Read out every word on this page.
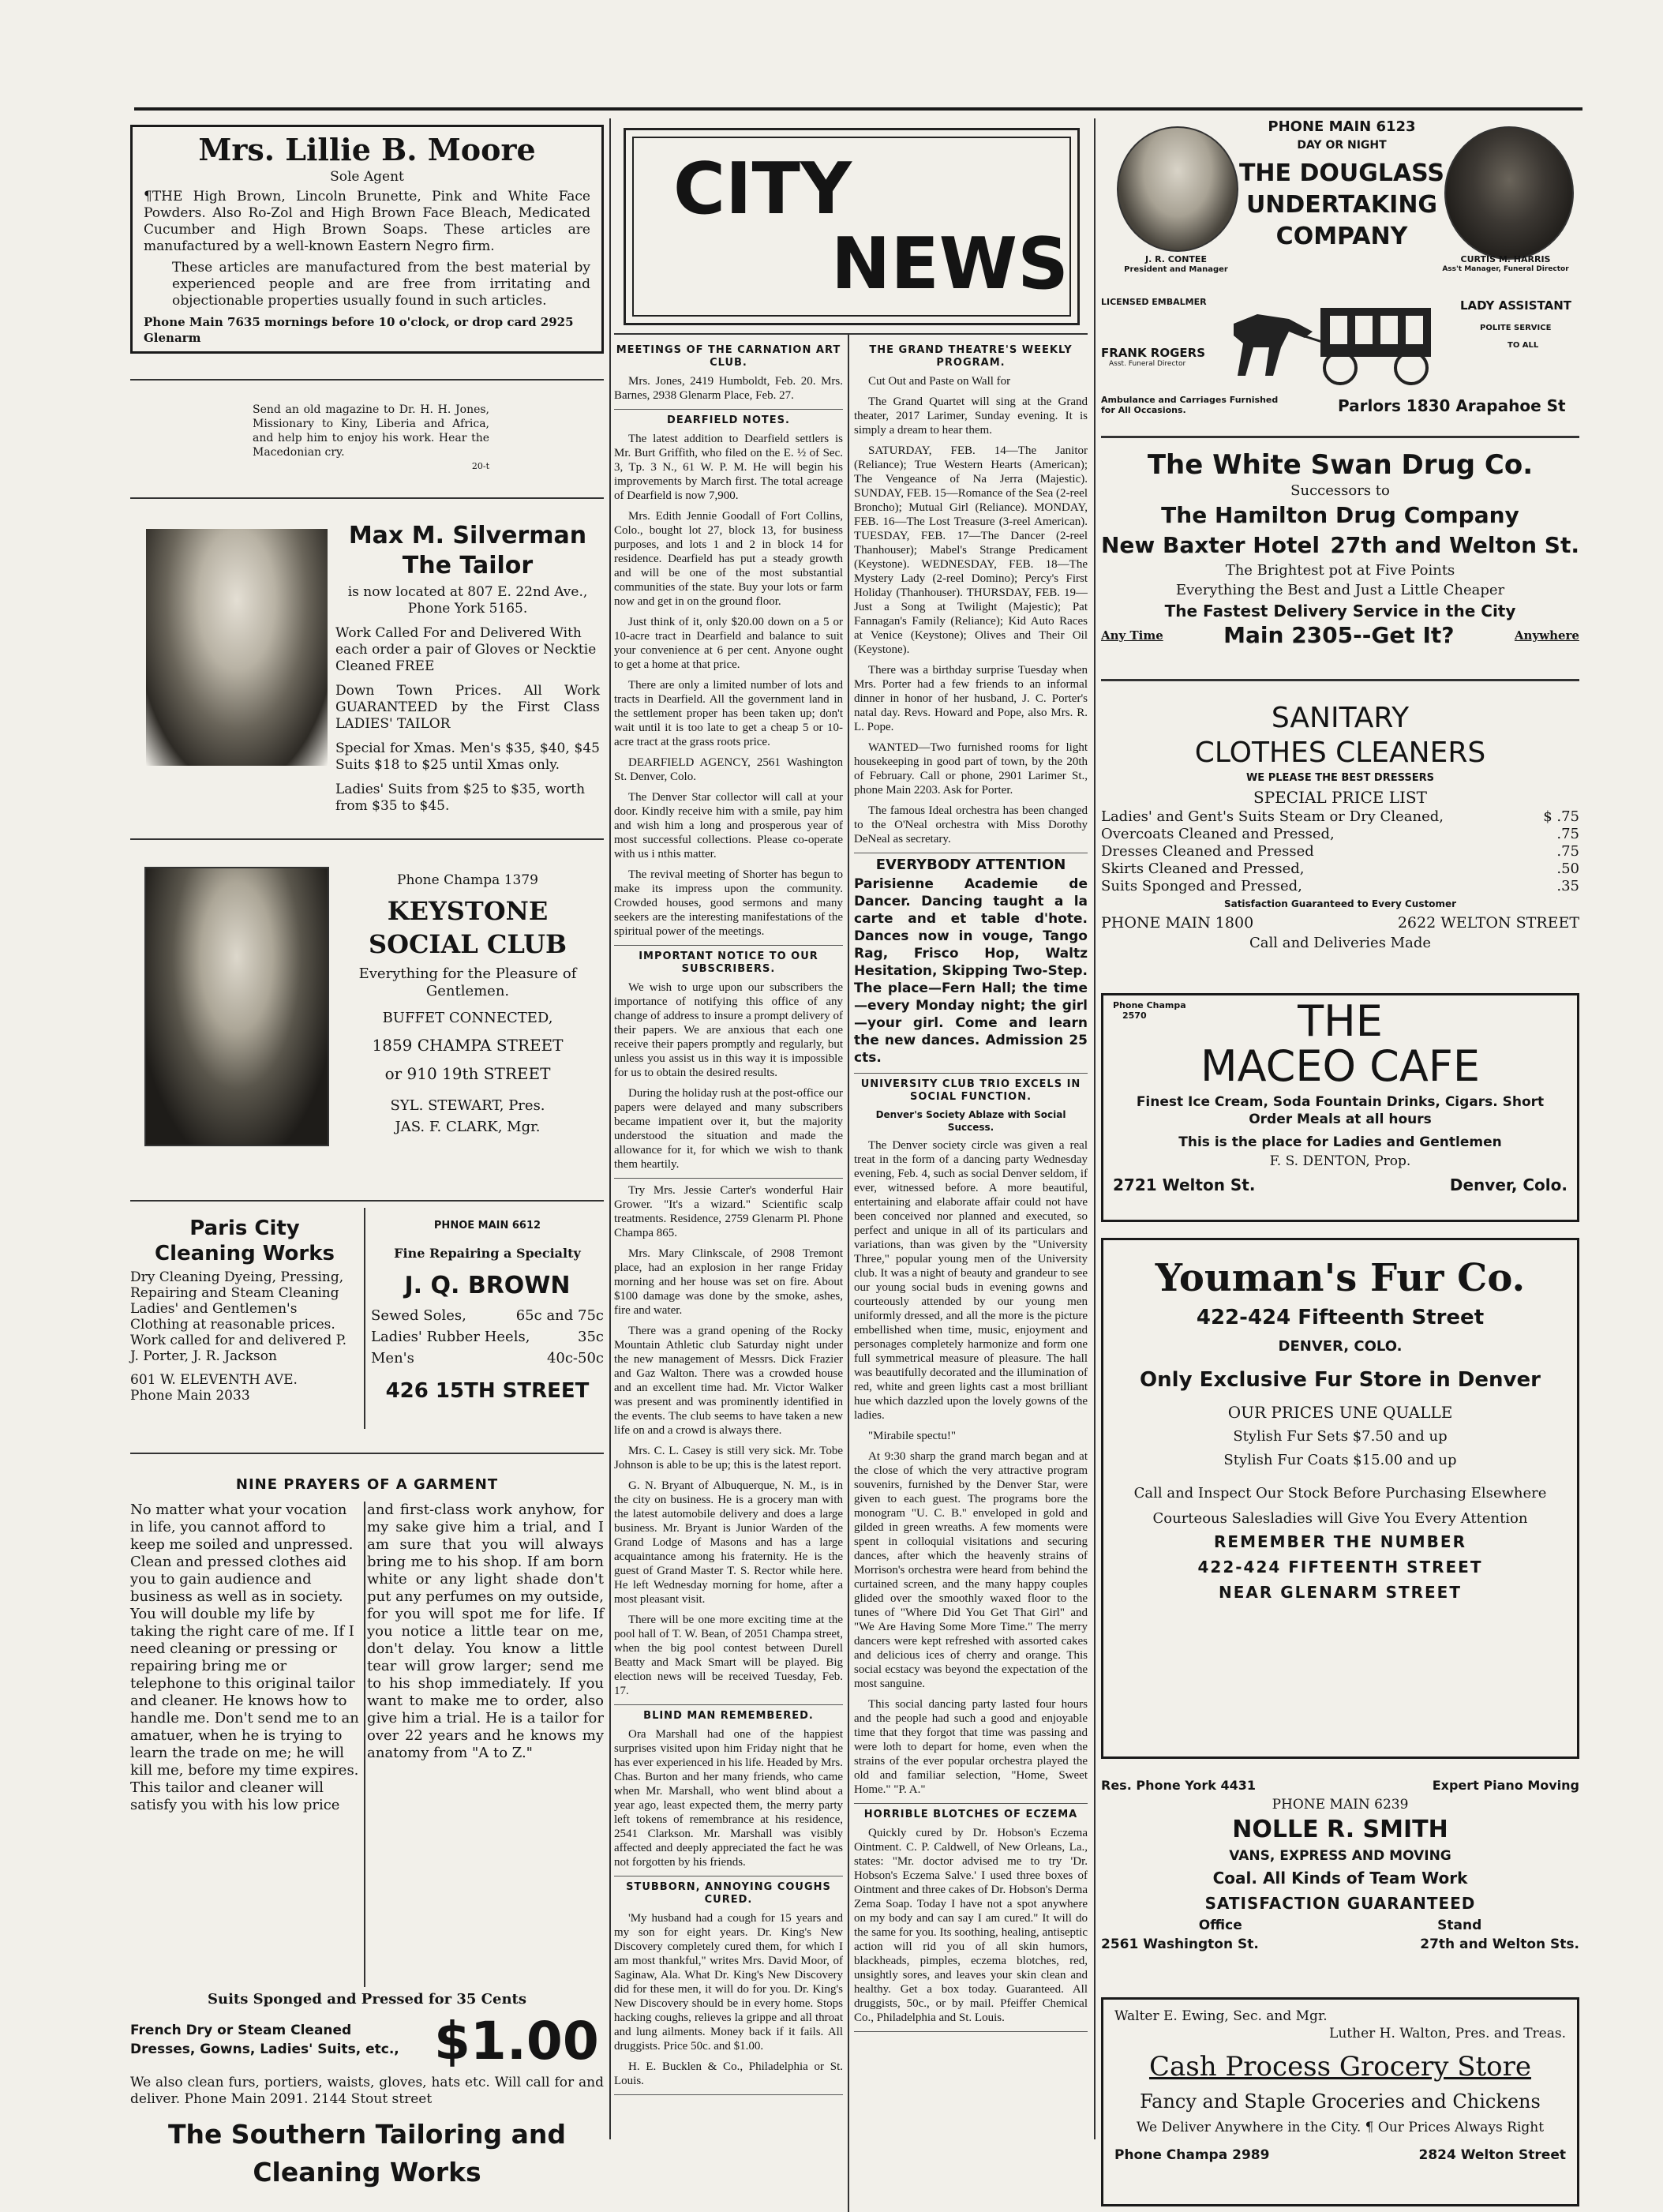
Mrs. Lillie B. Moore
Sole Agent

¶THE High Brown, Lincoln Brunette, Pink and White Face Powders. Also Ro-Zol and High Brown Face Bleach, Medicated Cucumber and High Brown Soaps. These articles are manufactured by a well-known Eastern Negro firm.

These articles are manufactured from the best material by experienced people and are free from irritating and objectionable properties usually found in such articles.

Phone Main 7635 mornings before 10 o'clock, or drop card 2925 Glenarm

Send an old magazine to Dr. H. H. Jones, Missionary to Kiny, Liberia and Africa, and help him to enjoy his work. Hear the Macedonian cry.
20-t
Max M. Silverman
The Tailor

is now located at 807 E. 22nd Ave., Phone York 5165.

Work Called For and Delivered With each order a pair of Gloves or Necktie Cleaned FREE

Down Town Prices. All Work GUARANTEED by the First Class LADIES' TAILOR

Special for Xmas. Men's $35, $40, $45 Suits $18 to $25 until Xmas only.

Ladies' Suits from $25 to $35, worth from $35 to $45.

Phone Champa 1379
KEYSTONE
SOCIAL CLUB

Everything for the Pleasure of Gentlemen.

BUFFET CONNECTED,
1859 CHAMPA STREET
or 910 19th STREET
SYL. STEWART, Pres.
JAS. F. CLARK, Mgr.
Paris City
Cleaning Works

Dry Cleaning Dyeing, Pressing, Repairing and Steam Cleaning Ladies' and Gentlemen's Clothing at reasonable prices.

Work called for and delivered P. J. Porter, J. R. Jackson

601 W. ELEVENTH AVE.
Phone Main 2033
PHNOE MAIN 6612
Fine Repairing a Specialty
J. Q. BROWN
Sewed Soles,	65c and 75c
Ladies' Rubber Heels,	35c
Men's	40c-50c
426 15TH STREET
NINE PRAYERS OF A GARMENT
No matter what your vocation in life, you cannot afford to keep me soiled and unpressed. Clean and pressed clothes aid you to gain audience and business as well as in society. You will double my life by taking the right care of me. If I need cleaning or pressing or repairing bring me or telephone to this original tailor and cleaner. He knows how to handle me. Don't send me to an amatuer, when he is trying to learn the trade on me; he will kill me, before my time expires. This tailor and cleaner will satisfy you with his low price
and first-class work anyhow, for my sake give him a trial, and I am sure that you will always bring me to his shop. If am born white or any light shade don't put any perfumes on my outside, for you will spot me for life. If you notice a little tear on me, don't delay. You know a little tear will grow larger; send me to his shop immediately. If you want to make me to order, also give him a trial. He is a tailor for over 22 years and he knows my anatomy from "A to Z."
Suits Sponged and Pressed for 35 Cents
French Dry or Steam Cleaned Dresses, Gowns, Ladies' Suits, etc., $1.00

We also clean furs, portiers, waists, gloves, hats etc. Will call for and deliver. Phone Main 2091. 2144 Stout street

The Southern Tailoring and Cleaning Works
CITY
NEWS
MEETINGS OF THE CARNATION ART CLUB.

Mrs. Jones, 2419 Humboldt, Feb. 20. Mrs. Barnes, 2938 Glenarm Place, Feb. 27.

DEARFIELD NOTES.

The latest addition to Dearfield settlers is Mr. Burt Griffith, who filed on the E. ½ of Sec. 3, Tp. 3 N., 61 W. P. M. He will begin his improvements by March first. The total acreage of Dearfield is now 7,900.

Mrs. Edith Jennie Goodall of Fort Collins, Colo., bought lot 27, block 13, for business purposes, and lots 1 and 2 in block 14 for residence. Dearfield has put a steady growth and will be one of the most substantial communities of the state. Buy your lots or farm now and get in on the ground floor.

Just think of it, only $20.00 down on a 5 or 10-acre tract in Dearfield and balance to suit your convenience at 6 per cent. Anyone ought to get a home at that price.

There are only a limited number of lots and tracts in Dearfield. All the government land in the settlement proper has been taken up; don't wait until it is too late to get a cheap 5 or 10-acre tract at the grass roots price.

DEARFIELD AGENCY, 2561 Washington St. Denver, Colo.

The Denver Star collector will call at your door. Kindly receive him with a smile, pay him and wish him a long and prosperous year of most successful collections. Please co-operate with us i nthis matter.

The revival meeting of Shorter has begun to make its impress upon the community. Crowded houses, good sermons and many seekers are the interesting manifestations of the spiritual power of the meetings.

IMPORTANT NOTICE TO OUR SUBSCRIBERS.

We wish to urge upon our subscribers the importance of notifying this office of any change of address to insure a prompt delivery of their papers. We are anxious that each one receive their papers promptly and regularly, but unless you assist us in this way it is impossible for us to obtain the desired results.

During the holiday rush at the post-office our papers were delayed and many subscribers became impatient over it, but the majority understood the situation and made the allowance for it, for which we wish to thank them heartily.

Try Mrs. Jessie Carter's wonderful Hair Grower. "It's a wizard." Scientific scalp treatments. Residence, 2759 Glenarm Pl. Phone Champa 865.

Mrs. Mary Clinkscale, of 2908 Tremont place, had an explosion in her range Friday morning and her house was set on fire. About $100 damage was done by the smoke, ashes, fire and water.

There was a grand opening of the Rocky Mountain Athletic club Saturday night under the new management of Messrs. Dick Frazier and Gaz Walton. There was a crowded house and an excellent time had. Mr. Victor Walker was present and was prominently identified in the events. The club seems to have taken a new life on and a crowd is always there.

Mrs. C. L. Casey is still very sick. Mr. Tobe Johnson is able to be up; this is the latest report.

G. N. Bryant of Albuquerque, N. M., is in the city on business. He is a grocery man with the latest automobile delivery and does a large business. Mr. Bryant is Junior Warden of the Grand Lodge of Masons and has a large acquaintance among his fraternity. He is the guest of Grand Master T. S. Rector while here. He left Wednesday morning for home, after a most pleasant visit.

There will be one more exciting time at the pool hall of T. W. Bean, of 2051 Champa street, when the big pool contest between Durell Beatty and Mack Smart will be played. Big election news will be received Tuesday, Feb. 17.

BLIND MAN REMEMBERED.

Ora Marshall had one of the happiest surprises visited upon him Friday night that he has ever experienced in his life. Headed by Mrs. Chas. Burton and her many friends, who came when Mr. Marshall, who went blind about a year ago, least expected them, the merry party left tokens of remembrance at his residence, 2541 Clarkson. Mr. Marshall was visibly affected and deeply appreciated the fact he was not forgotten by his friends.

STUBBORN, ANNOYING COUGHS CURED.

'My husband had a cough for 15 years and my son for eight years. Dr. King's New Discovery completely cured them, for which I am most thankful," writes Mrs. David Moor, of Saginaw, Ala. What Dr. King's New Discovery did for these men, it will do for you. Dr. King's New Discovery should be in every home. Stops hacking coughs, relieves la grippe and all throat and lung ailments. Money back if it fails. All druggists. Price 50c. and $1.00.

H. E. Bucklen & Co., Philadelphia or St. Louis.

THE GRAND THEATRE'S WEEKLY PROGRAM.

Cut Out and Paste on Wall for

The Grand Quartet will sing at the Grand theater, 2017 Larimer, Sunday evening. It is simply a dream to hear them.

SATURDAY, FEB. 14—The Janitor (Reliance); True Western Hearts (American); The Vengeance of Na Jerra (Majestic). SUNDAY, FEB. 15—Romance of the Sea (2-reel Broncho); Mutual Girl (Reliance). MONDAY, FEB. 16—The Lost Treasure (3-reel American). TUESDAY, FEB. 17—The Dancer (2-reel Thanhouser); Mabel's Strange Predicament (Keystone). WEDNESDAY, FEB. 18—The Mystery Lady (2-reel Domino); Percy's First Holiday (Thanhouser). THURSDAY, FEB. 19—Just a Song at Twilight (Majestic); Pat Fannagan's Family (Reliance); Kid Auto Races at Venice (Keystone); Olives and Their Oil (Keystone).

There was a birthday surprise Tuesday when Mrs. Porter had a few friends to an informal dinner in honor of her husband, J. C. Porter's natal day. Revs. Howard and Pope, also Mrs. R. L. Pope.

WANTED—Two furnished rooms for light housekeeping in good part of town, by the 20th of February. Call or phone, 2901 Larimer St., phone Main 2203. Ask for Porter.

The famous Ideal orchestra has been changed to the O'Neal orchestra with Miss Dorothy DeNeal as secretary.

EVERYBODY ATTENTION

Parisienne Academie de Dancer. Dancing taught a la carte and et table d'hote. Dances now in vouge, Tango Rag, Frisco Hop, Waltz Hesitation, Skipping Two-Step. The place—Fern Hall; the time—every Monday night; the girl—your girl. Come and learn the new dances. Admission 25 cts.

UNIVERSITY CLUB TRIO EXCELS IN SOCIAL FUNCTION.
Denver's Society Ablaze with Social Success.

The Denver society circle was given a real treat in the form of a dancing party Wednesday evening, Feb. 4, such as social Denver seldom, if ever, witnessed before. A more beautiful, entertaining and elaborate affair could not have been conceived nor planned and executed, so perfect and unique in all of its particulars and variations, than was given by the "University Three," popular young men of the University club. It was a night of beauty and grandeur to see our young social buds in evening gowns and courteously attended by our young men uniformly dressed, and all the more is the picture embellished when time, music, enjoyment and personages completely harmonize and form one full symmetrical measure of pleasure. The hall was beautifully decorated and the illumination of red, white and green lights cast a most brilliant hue which dazzled upon the lovely gowns of the ladies.

"Mirabile spectu!"

At 9:30 sharp the grand march began and at the close of which the very attractive program souvenirs, furnished by the Denver Star, were given to each guest. The programs bore the monogram "U. C. B." enveloped in gold and gilded in green wreaths. A few moments were spent in colloquial visitations and securing dances, after which the heavenly strains of Morrison's orchestra were heard from behind the curtained screen, and the many happy couples glided over the smoothly waxed floor to the tunes of "Where Did You Get That Girl" and "We Are Having Some More Time." The merry dancers were kept refreshed with assorted cakes and delicious ices of cherry and orange. This social ecstacy was beyond the expectation of the most sanguine.

This social dancing party lasted four hours and the people had such a good and enjoyable time that they forgot that time was passing and were loth to depart for home, even when the strains of the ever popular orchestra played the old and familiar selection, "Home, Sweet Home." "P. A."

HORRIBLE BLOTCHES OF ECZEMA

Quickly cured by Dr. Hobson's Eczema Ointment. C. P. Caldwell, of New Orleans, La., states: "Mr. doctor advised me to try 'Dr. Hobson's Eczema Salve.' I used three boxes of Ointment and three cakes of Dr. Hobson's Derma Zema Soap. Today I have not a spot anywhere on my body and can say I am cured." It will do the same for you. Its soothing, healing, antiseptic action will rid you of all skin humors, blackheads, pimples, eczema blotches, red, unsightly sores, and leaves your skin clean and healthy. Get a box today. Guaranteed. All druggists, 50c., or by mail. Pfeiffer Chemical Co., Philadelphia and St. Louis.

PHONE MAIN 6123
DAY OR NIGHT
THE DOUGLASS
UNDERTAKING
COMPANY
J. R. CONTEE
President and Manager
CURTIS M. HARRIS
Ass't Manager, Funeral Director
LICENSED EMBALMER
FRANK ROGERS
Asst. Funeral Director
LADY ASSISTANT
POLITE SERVICE
TO ALL
Ambulance and Carriages Furnished for All Occasions.	Parlors 1830 Arapahoe St
The White Swan Drug Co.
Successors to
The Hamilton Drug Company
New Baxter Hotel 27th and Welton St.
The Brightest pot at Five Points
Everything the Best and Just a Little Cheaper
The Fastest Delivery Service in the City
Any Time	Main 2305--Get It?	Anywhere
SANITARY
CLOTHES CLEANERS
WE PLEASE THE BEST DRESSERS
SPECIAL PRICE LIST
Ladies' and Gent's Suits Steam or Dry Cleaned,	$ .75
Overcoats Cleaned and Pressed,	.75
Dresses Cleaned and Pressed	.75
Skirts Cleaned and Pressed,	.50
Suits Sponged and Pressed,	.35
Satisfaction Guaranteed to Every Customer
PHONE MAIN 1800	2622 WELTON STREET
Call and Deliveries Made
Phone Champa
2570	THE
MACEO CAFE

Finest Ice Cream, Soda Fountain Drinks, Cigars. Short Order Meals at all hours

This is the place for Ladies and Gentlemen

F. S. DENTON, Prop.
2721 Welton St.	Denver, Colo.
Youman's Fur Co.
422-424 Fifteenth Street
DENVER, COLO.
Only Exclusive Fur Store in Denver
OUR PRICES UNE QUALLE
Stylish Fur Sets $7.50 and up
Stylish Fur Coats $15.00 and up
Call and Inspect Our Stock Before Purchasing Elsewhere
Courteous Salesladies will Give You Every Attention
REMEMBER THE NUMBER
422-424 FIFTEENTH STREET
NEAR GLENARM STREET
Res. Phone York 4431	Expert Piano Moving
PHONE MAIN 6239
NOLLE R. SMITH
VANS, EXPRESS AND MOVING
Coal. All Kinds of Team Work
SATISFACTION GUARANTEED
Office	Stand
2561 Washington St.	27th and Welton Sts.
Walter E. Ewing, Sec. and Mgr.
Luther H. Walton, Pres. and Treas.
Cash Process Grocery Store
Fancy and Staple Groceries and Chickens
We Deliver Anywhere in the City. ¶ Our Prices Always Right
Phone Champa 2989	2824 Welton Street
